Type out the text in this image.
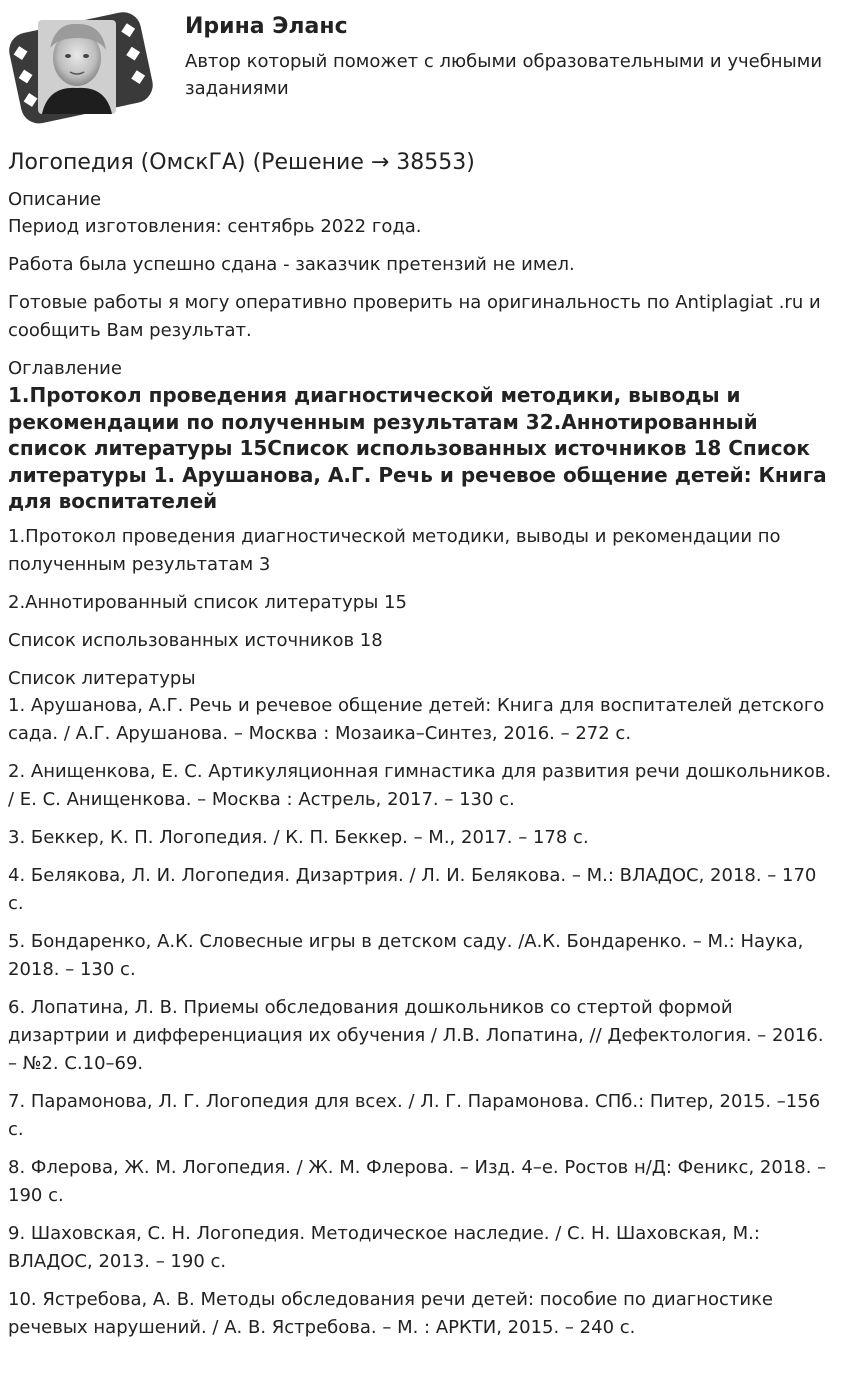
Ирина Эланс

Автор который поможет с любыми образовательными и учебными заданиями

Логопедия (ОмскГА) (Решение → 38553)

Описание

Период изготовления: сентябрь 2022 года.

Работа была успешно сдана - заказчик претензий не имел.

Готовые работы я могу оперативно проверить на оригинальность по Antiplagiat .ru и сообщить Вам результат.

Оглавление

1.Протокол проведения диагностической методики, выводы и рекомендации по полученным результатам 32.Аннотированный список литературы 15Список использованных источников 18 Список литературы 1. Арушанова, А.Г. Речь и речевое общение детей: Книга для воспитателей

1.Протокол проведения диагностической методики, выводы и рекомендации по полученным результатам 3

2.Аннотированный список литературы 15

Список использованных источников 18

Список литературы

1. Арушанова, А.Г. Речь и речевое общение детей: Книга для воспитателей детского сада. / А.Г. Арушанова. – Москва : Мозаика–Синтез, 2016. – 272 с.

2. Анищенкова, Е. С. Артикуляционная гимнастика для развития речи дошкольников. / Е. С. Анищенкова. – Москва : Астрель, 2017. – 130 с.

3. Беккер, К. П. Логопедия. / К. П. Беккер. – М., 2017. – 178 с.

4. Белякова, Л. И. Логопедия. Дизартрия. / Л. И. Белякова. – М.: ВЛАДОС, 2018. – 170 с.

5. Бондаренко, А.К. Словесные игры в детском саду. /А.К. Бондаренко. – М.: Наука, 2018. – 130 с.

6. Лопатина, Л. В. Приемы обследования дошкольников со стертой формой дизартрии и дифференциация их обучения / Л.В. Лопатина, // Дефектология. – 2016. – №2. С.10–69.

7. Парамонова, Л. Г. Логопедия для всех. / Л. Г. Парамонова. СПб.: Питер, 2015. –156 с.

8. Флерова, Ж. М. Логопедия. / Ж. М. Флерова. – Изд. 4–е. Ростов н/Д: Феникс, 2018. – 190 с.

9. Шаховская, С. Н. Логопедия. Методическое наследие. / С. Н. Шаховская, М.: ВЛАДОС, 2013. – 190 с.

10. Ястребова, А. В. Методы обследования речи детей: пособие по диагностике речевых нарушений. / А. В. Ястребова. – М. : АРКТИ, 2015. – 240 с.
